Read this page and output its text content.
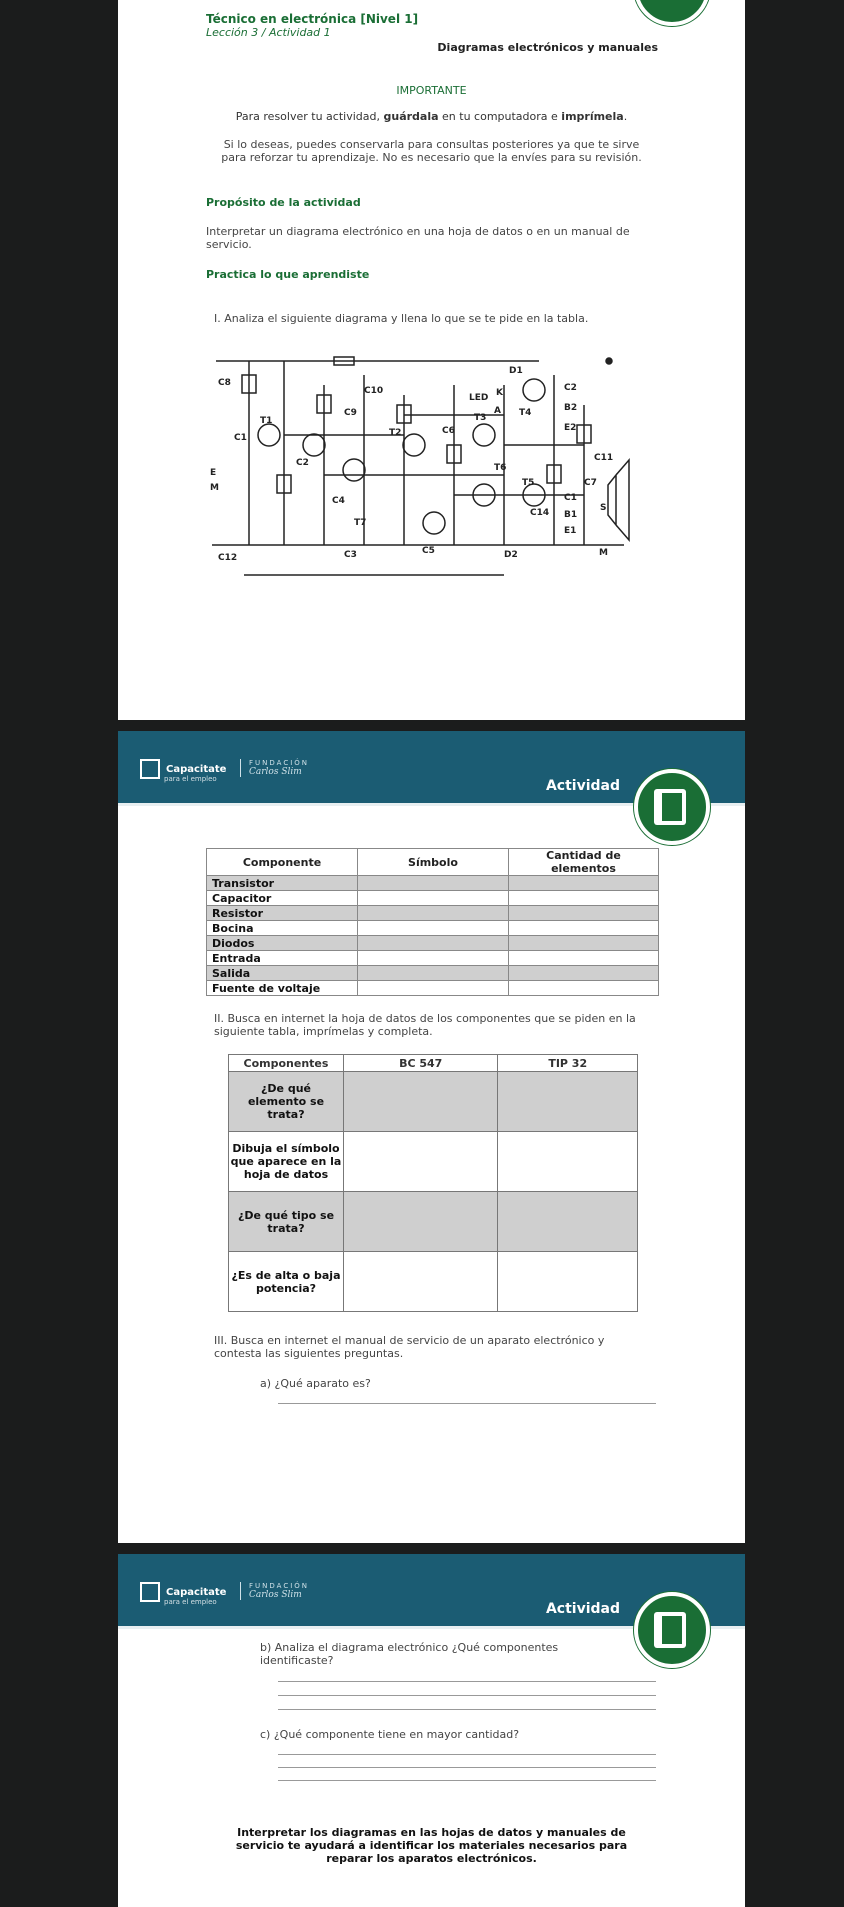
Técnico en electrónica [Nivel 1]
Lección 3 / Actividad 1
Diagramas electrónicos y manuales
IMPORTANTE
Para resolver tu actividad, guárdala en tu computadora e imprímela.
Si lo deseas, puedes conservarla para consultas posteriores ya que te sirve para reforzar tu aprendizaje. No es necesario que la envíes para su revisión.
Propósito de la actividad
Interpretar un diagrama electrónico en una hoja de datos o en un manual de servicio.
Practica lo que aprendiste
I. Analiza el siguiente diagrama y llena lo que se te pide en la tabla.
C8
T1
C1
E
M
C12
C10
C9
C2
C4
T7
C3
T2
C5
T3
LED K
A
C6
T6
T4
C2
B2
E2
T5
C1
B1
E1
D1
D2
C7
C11
S
M
C14
Capacitate
para el empleo
FUNDACIÓN
Carlos Slim
Actividad
Componente	Símbolo	Cantidad de elementos
Transistor		
Capacitor		
Resistor		
Bocina		
Diodos		
Entrada		
Salida		
Fuente de voltaje		
II. Busca en internet la hoja de datos de los componentes que se piden en la siguiente tabla, imprímelas y completa.
Componentes	BC 547	TIP 32
¿De qué elemento se trata?		
Dibuja el símbolo que aparece en la hoja de datos		
¿De qué tipo se trata?		
¿Es de alta o baja potencia?		
III. Busca en internet el manual de servicio de un aparato electrónico y contesta las siguientes preguntas.
a) ¿Qué aparato es?
Capacitate
para el empleo
FUNDACIÓN
Carlos Slim
Actividad
b) Analiza el diagrama electrónico ¿Qué componentes identificaste?
c) ¿Qué componente tiene en mayor cantidad?
Interpretar los diagramas en las hojas de datos y manuales de servicio te ayudará a identificar los materiales necesarios para reparar los aparatos electrónicos.
